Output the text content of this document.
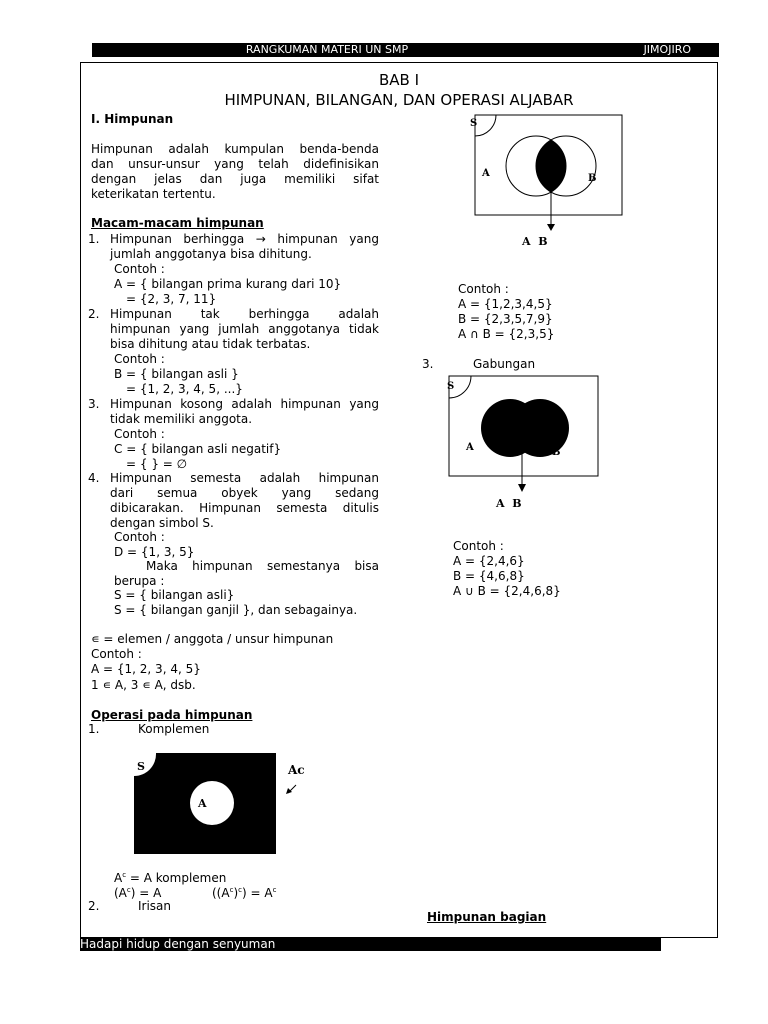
RANGKUMAN MATERI UN SMP	JIMOJIRO
BAB I
HIMPUNAN, BILANGAN, DAN OPERASI ALJABAR
I. Himpunan
Himpunan adalah kumpulan benda-benda
dan unsur-unsur yang telah didefinisikan
dengan jelas dan juga memiliki sifat
keterikatan tertentu.
Macam-macam himpunan
1. Himpunan berhingga → himpunan yang
jumlah anggotanya bisa dihitung.
Contoh :
A = { bilangan prima kurang dari 10}
= {2, 3, 7, 11}
2. Himpunan tak berhingga adalah
himpunan yang jumlah anggotanya tidak
bisa dihitung atau tidak terbatas.
Contoh :
B = { bilangan asli }
= {1, 2, 3, 4, 5, ...}
3. Himpunan kosong adalah himpunan yang
tidak memiliki anggota.
Contoh :
C = { bilangan asli negatif}
= { } = ∅
4. Himpunan semesta adalah himpunan
dari semua obyek yang sedang
dibicarakan. Himpunan semesta ditulis
dengan simbol S.
Contoh :
D = {1, 3, 5}
Maka himpunan semestanya bisa
berupa :
S = { bilangan asli}
S = { bilangan ganjil }, dan sebagainya.
∊ = elemen / anggota / unsur himpunan
Contoh :
A = {1, 2, 3, 4, 5}
1 ∊ A, 3 ∊ A, dsb.
Operasi pada himpunan
1.	Komplemen
S
A
Ac
$A^c = A$ komplemen
$(A^c) = A$	$((A^c)^c) = A^c$
2.	Irisan
S
A	B
A  B
Contoh :
A = {1,2,3,4,5}
B = {2,3,5,7,9}
A ∩ B = {2,3,5}
3.	Gabungan
S
A	B
A  B
Contoh :
A = {2,4,6}
B = {4,6,8}
A ∪ B = {2,4,6,8}
Himpunan bagian
Hadapi hidup dengan senyuman	1 1
